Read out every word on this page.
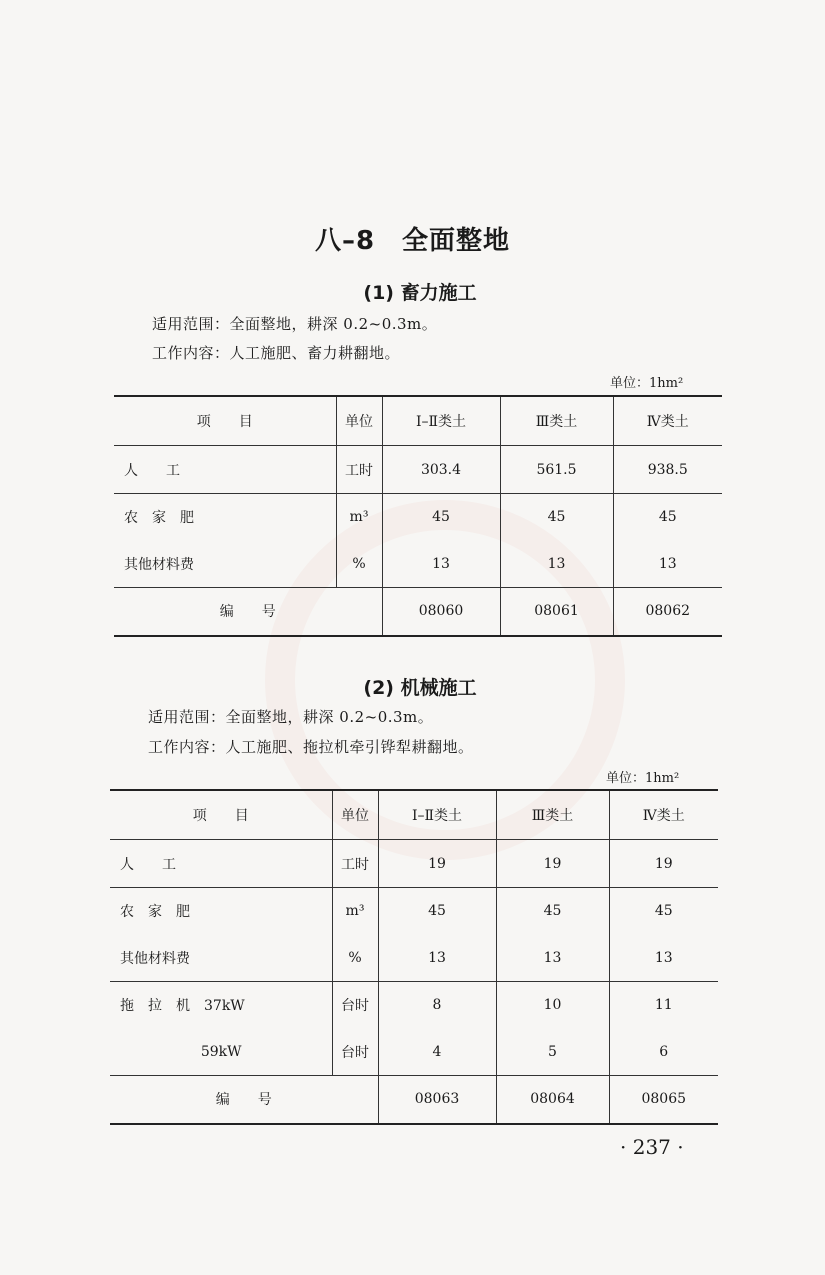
八–8　全面整地
(1) 畜力施工
适用范围：全面整地，耕深 0.2~0.3m。
工作内容：人工施肥、畜力耕翻地。
单位：1hm²
项　　目	单位	Ⅰ–Ⅱ类土	Ⅲ类土	Ⅳ类土
人　　工	工时	303.4	561.5	938.5
农　家　肥	m³	45	45	45
其他材料费	%	13	13	13
编　　号		08060	08061	08062
(2) 机械施工
适用范围：全面整地，耕深 0.2~0.3m。
工作内容：人工施肥、拖拉机牵引铧犁耕翻地。
单位：1hm²
项　　目	单位	Ⅰ–Ⅱ类土	Ⅲ类土	Ⅳ类土
人　　工	工时	19	19	19
农　家　肥	m³	45	45	45
其他材料费	%	13	13	13
拖　拉　机　37kW	台时	8	10	11
59kW	台时	4	5	6
编　　号		08063	08064	08065
· 237 ·
